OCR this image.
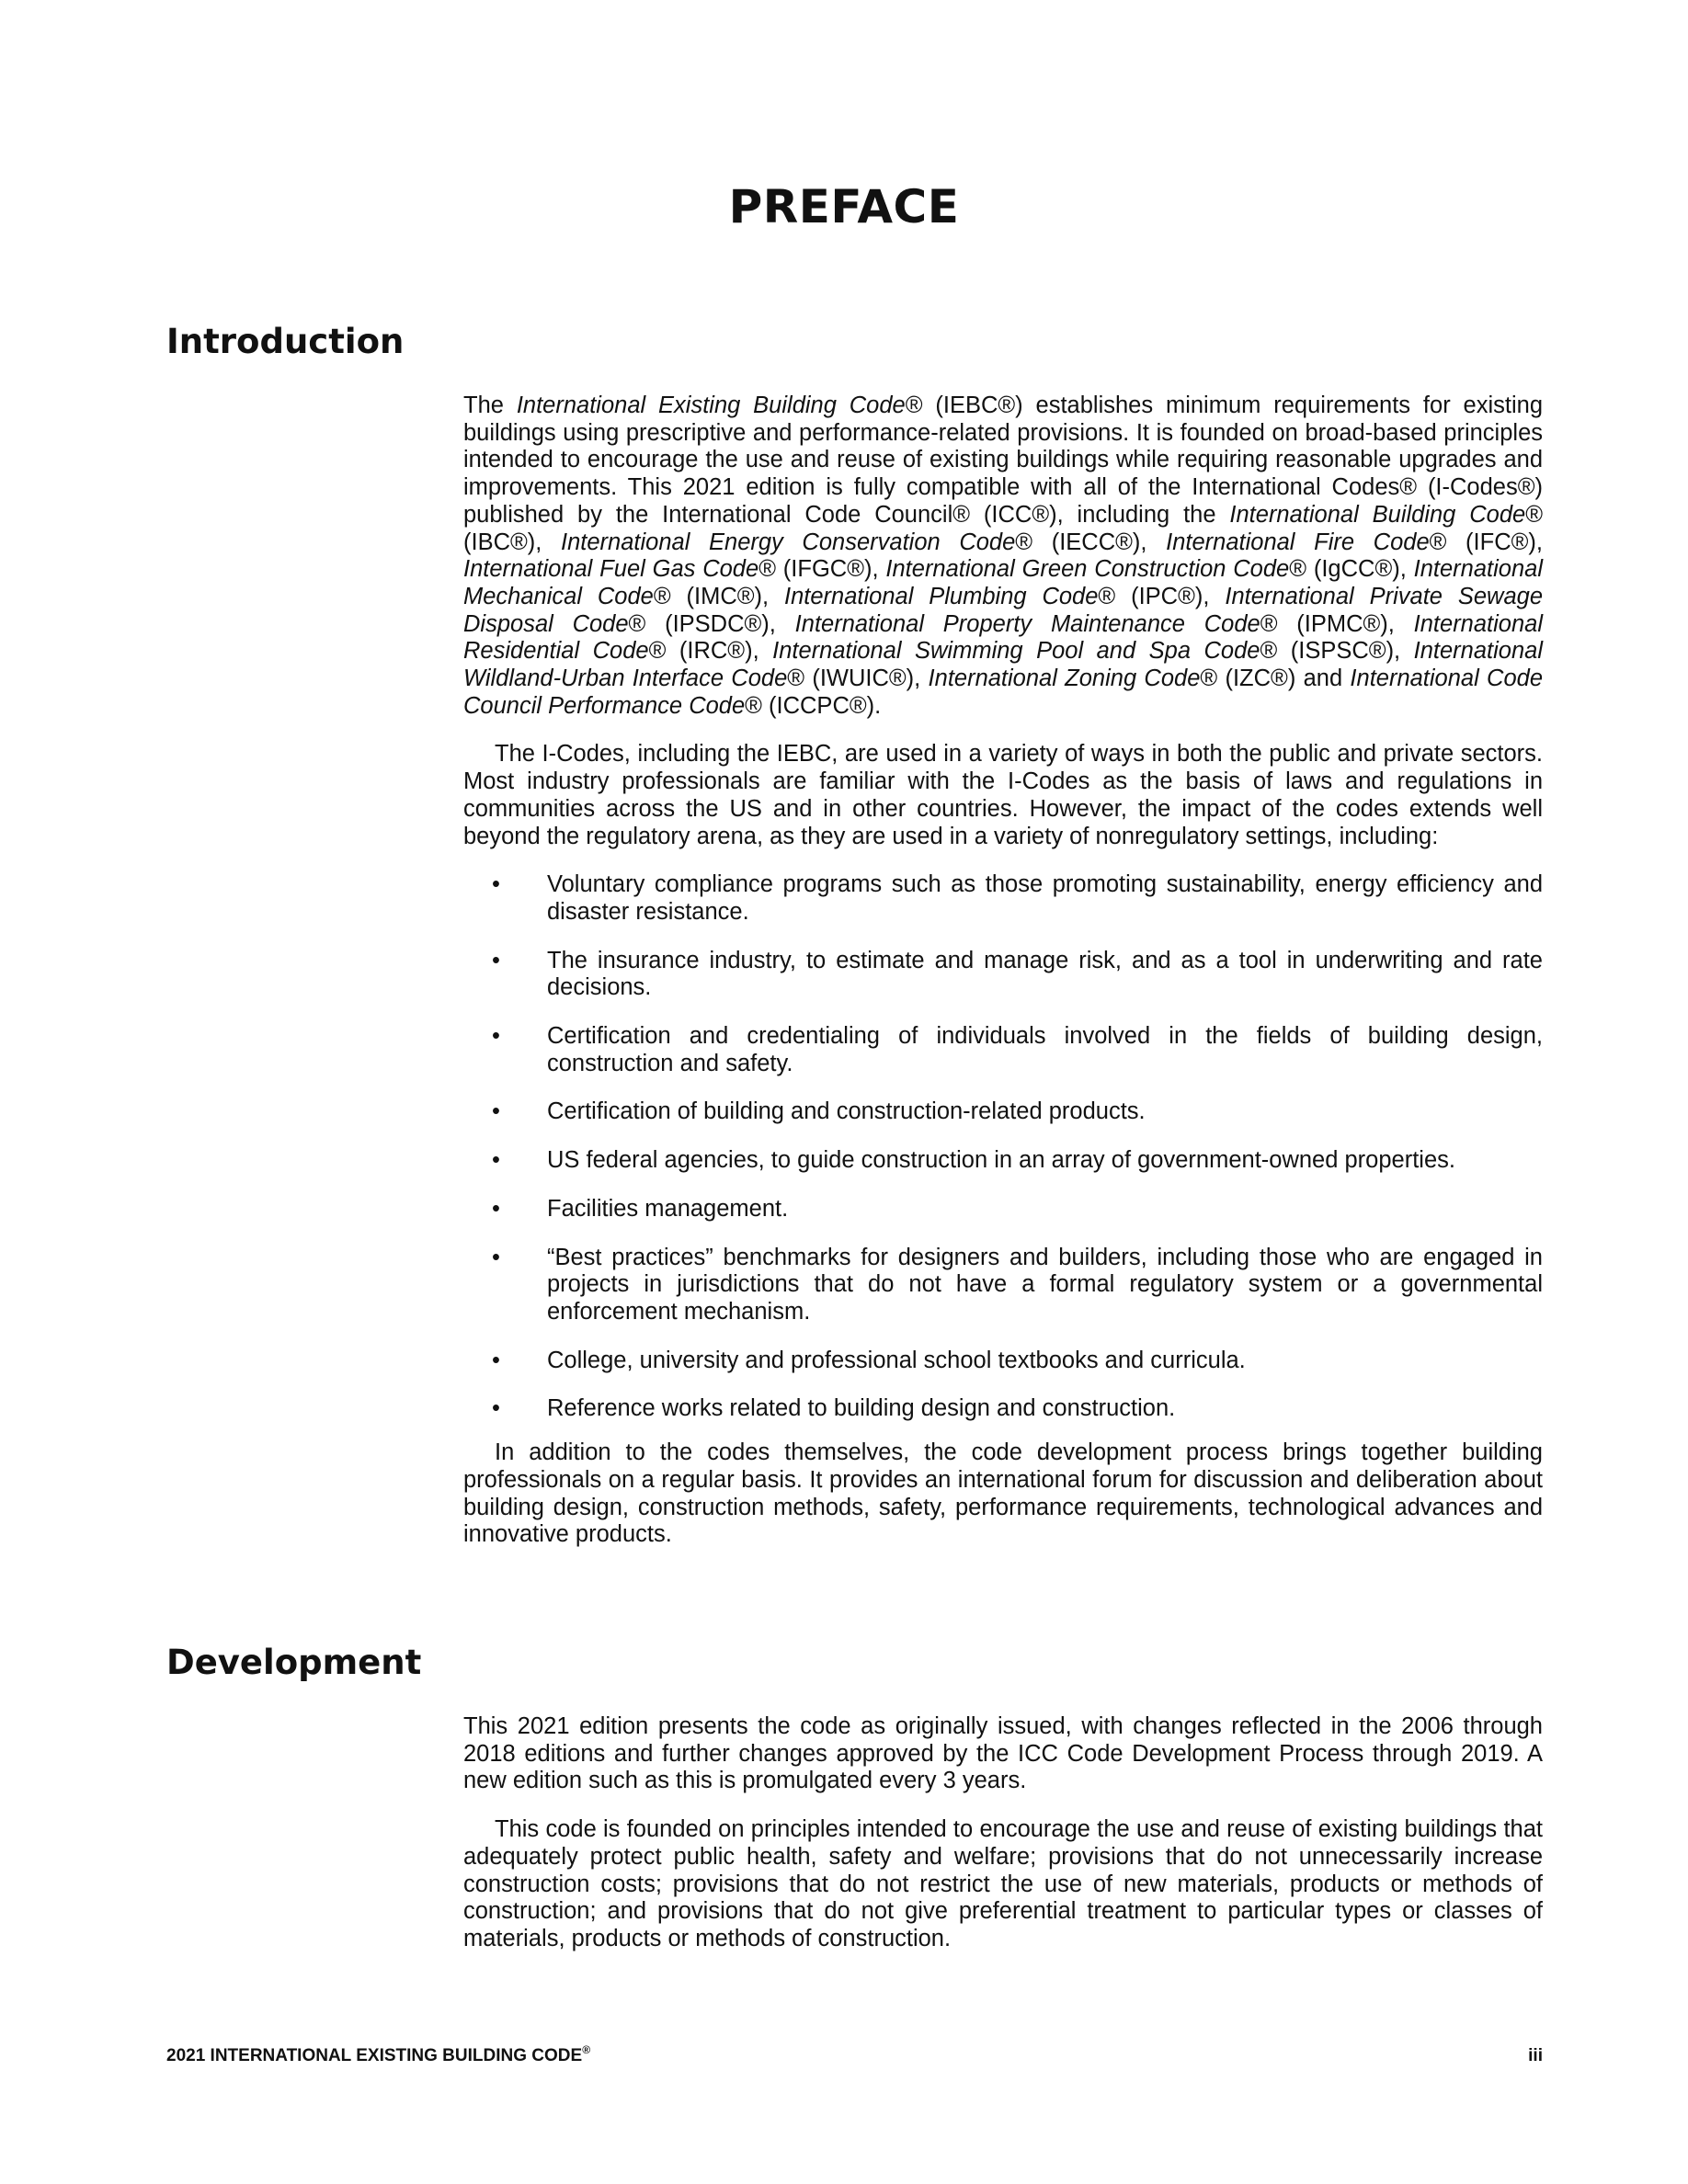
PREFACE
Introduction

The International Existing Building Code® (IEBC®) establishes minimum requirements for existing buildings using prescriptive and performance-related provisions. It is founded on broad-based principles intended to encourage the use and reuse of existing buildings while requiring reasonable upgrades and improvements. This 2021 edition is fully compatible with all of the International Codes® (I-Codes®) published by the International Code Council® (ICC®), including the International Building Code® (IBC®), International Energy Conservation Code® (IECC®), International Fire Code® (IFC®), International Fuel Gas Code® (IFGC®), International Green Construction Code® (IgCC®), International Mechanical Code® (IMC®), International Plumbing Code® (IPC®), International Private Sewage Disposal Code® (IPSDC®), International Property Maintenance Code® (IPMC®), International Residential Code® (IRC®), International Swimming Pool and Spa Code® (ISPSC®), International Wildland-Urban Interface Code® (IWUIC®), International Zoning Code® (IZC®) and International Code Council Performance Code® (ICCPC®).

The I-Codes, including the IEBC, are used in a variety of ways in both the public and private sectors. Most industry professionals are familiar with the I-Codes as the basis of laws and regulations in communities across the US and in other countries. However, the impact of the codes extends well beyond the regulatory arena, as they are used in a variety of nonregulatory settings, including:

• Voluntary compliance programs such as those promoting sustainability, energy efficiency and disaster resistance.
• The insurance industry, to estimate and manage risk, and as a tool in underwriting and rate decisions.
• Certification and credentialing of individuals involved in the fields of building design, construction and safety.
• Certification of building and construction-related products.
• US federal agencies, to guide construction in an array of government-owned properties.
• Facilities management.
• “Best practices” benchmarks for designers and builders, including those who are engaged in projects in jurisdictions that do not have a formal regulatory system or a governmental enforcement mechanism.
• College, university and professional school textbooks and curricula.
• Reference works related to building design and construction.

In addition to the codes themselves, the code development process brings together building professionals on a regular basis. It provides an international forum for discussion and deliberation about building design, construction methods, safety, performance requirements, technological advances and innovative products.

Development

This 2021 edition presents the code as originally issued, with changes reflected in the 2006 through 2018 editions and further changes approved by the ICC Code Development Process through 2019. A new edition such as this is promulgated every 3 years.

This code is founded on principles intended to encourage the use and reuse of existing buildings that adequately protect public health, safety and welfare; provisions that do not unnecessarily increase construction costs; provisions that do not restrict the use of new materials, products or methods of construction; and provisions that do not give preferential treatment to particular types or classes of materials, products or methods of construction.

2021 INTERNATIONAL EXISTING BUILDING CODE®	iii
